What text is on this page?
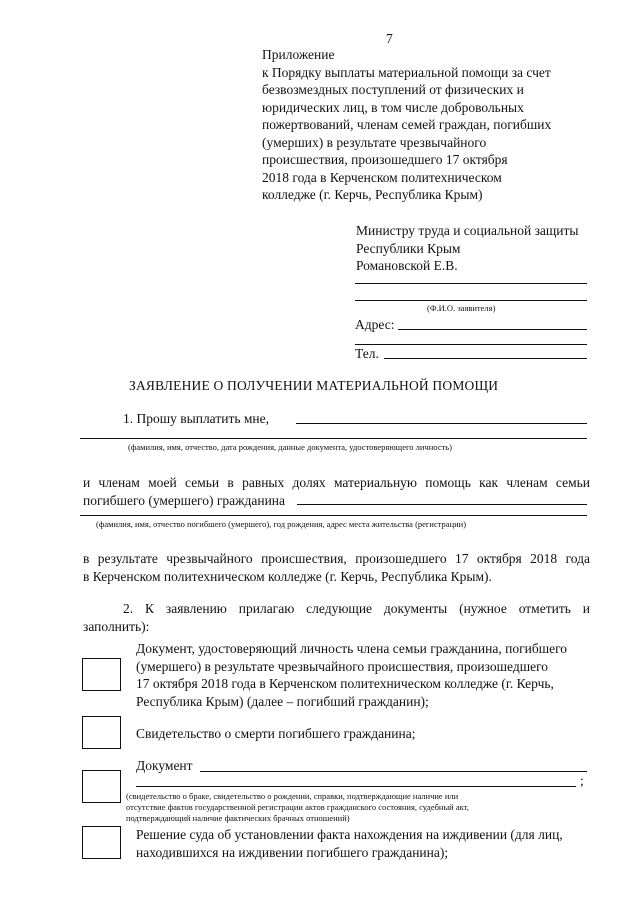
7
Приложение
к Порядку выплаты материальной помощи за счет
безвозмездных поступлений от физических и
юридических лиц, в том числе добровольных
пожертвований, членам семей граждан, погибших
(умерших) в результате чрезвычайного
происшествия, произошедшего 17 октября
2018 года в Керченском политехническом
колледже (г. Керчь, Республика Крым)
Министру труда и социальной защиты
Республики Крым
Романовской Е.В.
(Ф.И.О. заявителя)
Адрес:
Тел.
ЗАЯВЛЕНИЕ О ПОЛУЧЕНИИ МАТЕРИАЛЬНОЙ ПОМОЩИ
1. Прошу выплатить мне,
(фамилия, имя, отчество, дата рождения, данные документа, удостоверяющего личность)
и членам моей семьи в равных долях материальную помощь как членам семьи
погибшего (умершего) гражданина
(фамилия, имя, отчество погибшего (умершего), год рождения, адрес места жительства (регистрации)
в результате чрезвычайного происшествия, произошедшего 17 октября 2018 года
в Керченском политехническом колледже (г. Керчь, Республика Крым).
2. К заявлению прилагаю следующие документы (нужное отметить и
заполнить):
Документ, удостоверяющий личность члена семьи гражданина, погибшего
(умершего) в результате чрезвычайного происшествия, произошедшего
17 октября 2018 года в Керченском политехническом колледже (г. Керчь,
Республика Крым) (далее – погибший гражданин);
Свидетельство о смерти погибшего гражданина;
Документ
;
(свидетельство о браке, свидетельство о рождении, справки, подтверждающие наличие или
отсутствие фактов государственной регистрации актов гражданского состояния, судебный акт,
подтверждающий наличие фактических брачных отношений)
Решение суда об установлении факта нахождения на иждивении (для лиц,
находившихся на иждивении погибшего гражданина);
